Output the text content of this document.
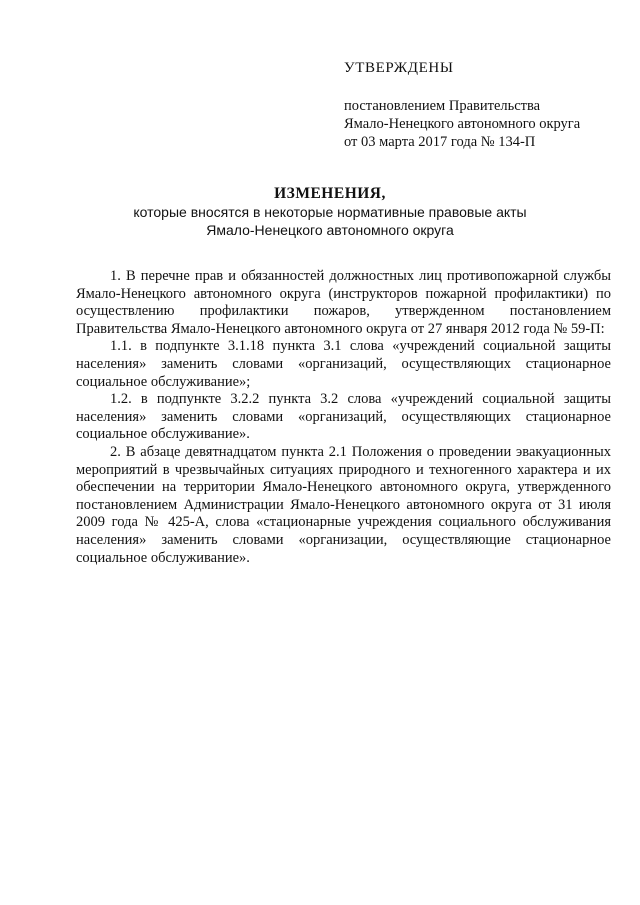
УТВЕРЖДЕНЫ
постановлением Правительства
Ямало-Ненецкого автономного округа
от 03 марта 2017 года № 134-П
ИЗМЕНЕНИЯ,
которые вносятся в некоторые нормативные правовые акты
Ямало-Ненецкого автономного округа

1. В перечне прав и обязанностей должностных лиц противопожарной службы Ямало-Ненецкого автономного округа (инструкторов пожарной профилактики) по осуществлению профилактики пожаров, утвержденном постановлением Правительства Ямало-Ненецкого автономного округа от 27 января 2012 года № 59-П:

1.1. в подпункте 3.1.18 пункта 3.1 слова «учреждений социальной защиты населения» заменить словами «организаций, осуществляющих стационарное социальное обслуживание»;

1.2. в подпункте 3.2.2 пункта 3.2 слова «учреждений социальной защиты населения» заменить словами «организаций, осуществляющих стационарное социальное обслуживание».

2. В абзаце девятнадцатом пункта 2.1 Положения о проведении эвакуационных мероприятий в чрезвычайных ситуациях природного и техногенного характера и их обеспечении на территории Ямало-Ненецкого автономного округа, утвержденного постановлением Администрации Ямало-Ненецкого автономного округа от 31 июля 2009 года № 425-А, слова «стационарные учреждения социального обслуживания населения» заменить словами «организации, осуществляющие стационарное социальное обслуживание».
